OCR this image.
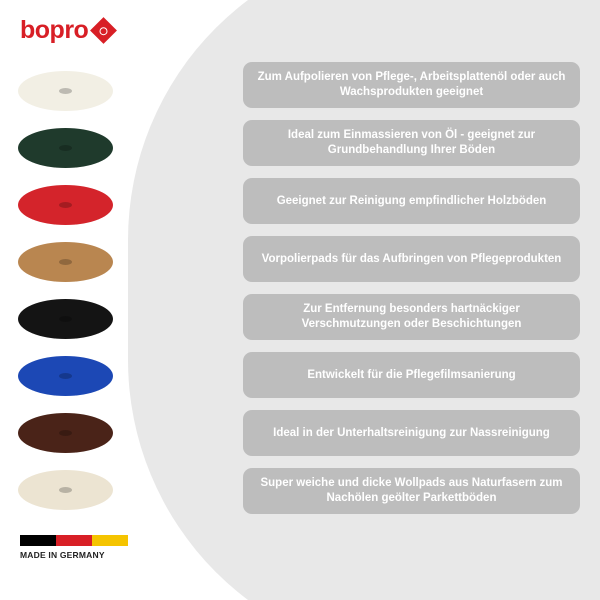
bopro
Zum Aufpolieren von Pflege-, Arbeitsplattenöl oder auch Wachsprodukten geeignet
Ideal zum Einmassieren von Öl - geeignet zur Grundbehandlung Ihrer Böden
Geeignet zur Reinigung empfindlicher Holzböden
Vorpolierpads für das Aufbringen von Pflegeprodukten
Zur Entfernung besonders hartnäckiger Verschmutzungen oder Beschichtungen
Entwickelt für die Pflegefilmsanierung
Ideal in der Unterhaltsreinigung zur Nassreinigung
Super weiche und dicke Wollpads aus Naturfasern zum Nachölen geölter Parkettböden
MADE IN GERMANY
